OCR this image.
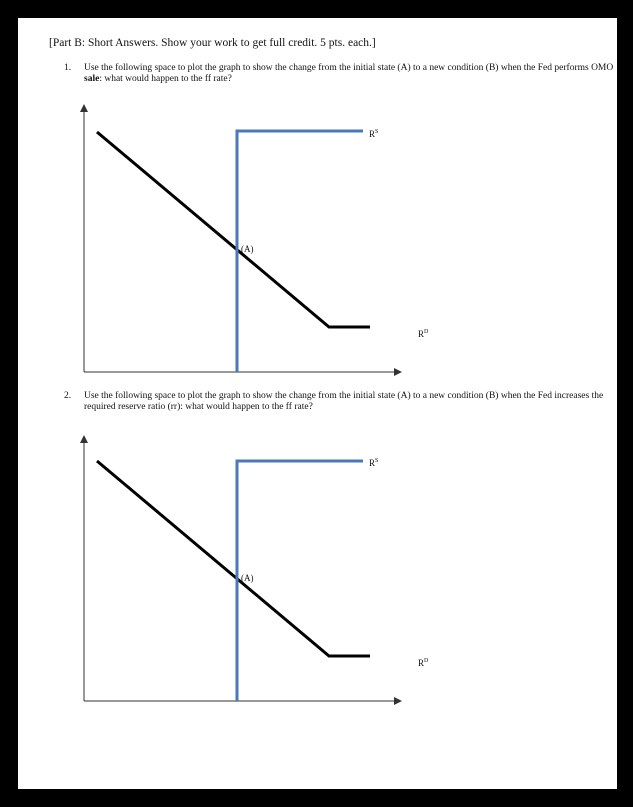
[Part B: Short Answers. Show your work to get full credit. 5 pts. each.]
1. Use the following space to plot the graph to show the change from the initial state (A) to a new condition (B) when the Fed performs OMO sale: what would happen to the ff rate?
2. Use the following space to plot the graph to show the change from the initial state (A) to a new condition (B) when the Fed increases the required reserve ratio (rr): what would happen to the ff rate?
$R^S$
$R^D$
(A)
$R^S$
$R^D$
(A)
